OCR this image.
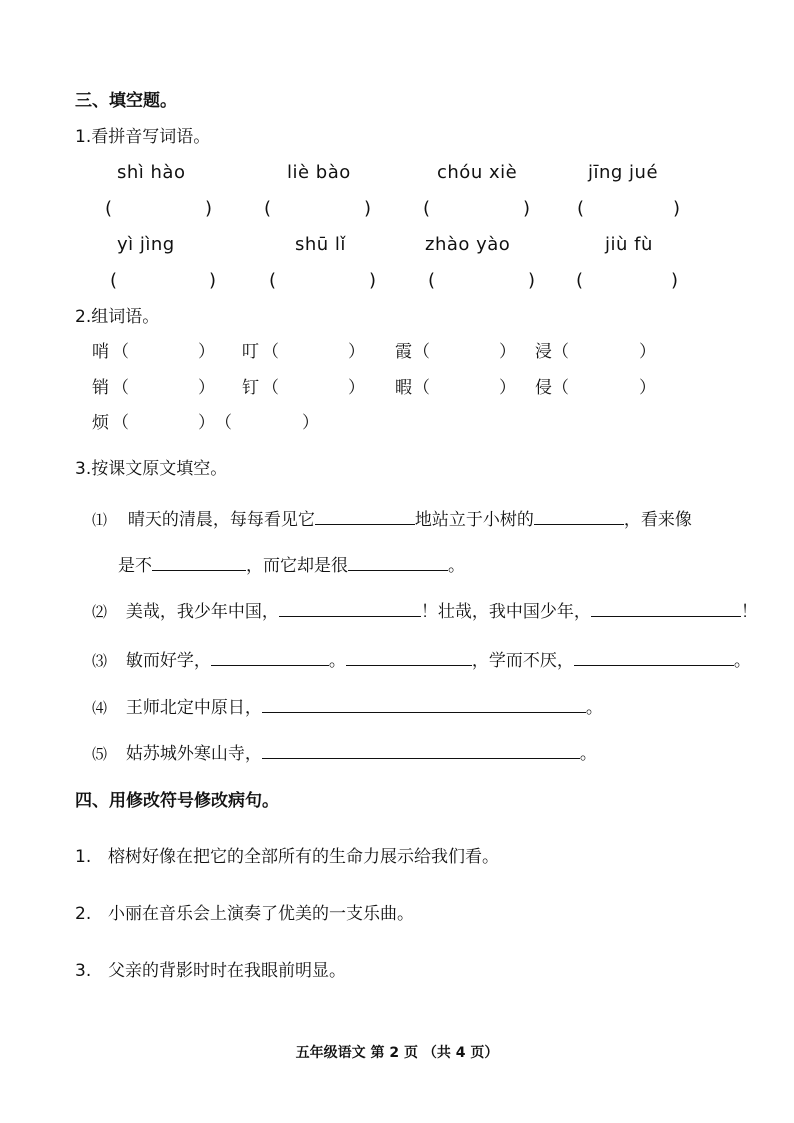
三、填空题。
1.看拼音写词语。
shì hào	liè bào	chóu xiè	jīng jué
(	)	(	)	(	)	(	)
yì jìng	shū lǐ	zhào yào	jiù fù
(	)	(	)	(	) (	)
2.组词语。
哨 （	） 叮 （	） 霞 （	） 浸 （	）
销 （	） 钉 （	） 暇 （	） 侵 （	）
烦 （	） （	）
3.按课文原文填空。
⑴ 晴天的清晨，每每看见它	地站立于小树的	，看来像
是不	，而它却是很	。
⑵ 美哉，我少年中国，	！壮哉，我中国少年，	！
⑶ 敏而好学，	。	，学而不厌，	。
⑷ 王师北定中原日，	。
⑸ 姑苏城外寒山寺，	。
四、用修改符号修改病句。
1. 榕树好像在把它的全部所有的生命力展示给我们看。
2. 小丽在音乐会上演奏了优美的一支乐曲。
3. 父亲的背影时时在我眼前明显。
五年级语文 第 2 页 （共 4 页）
